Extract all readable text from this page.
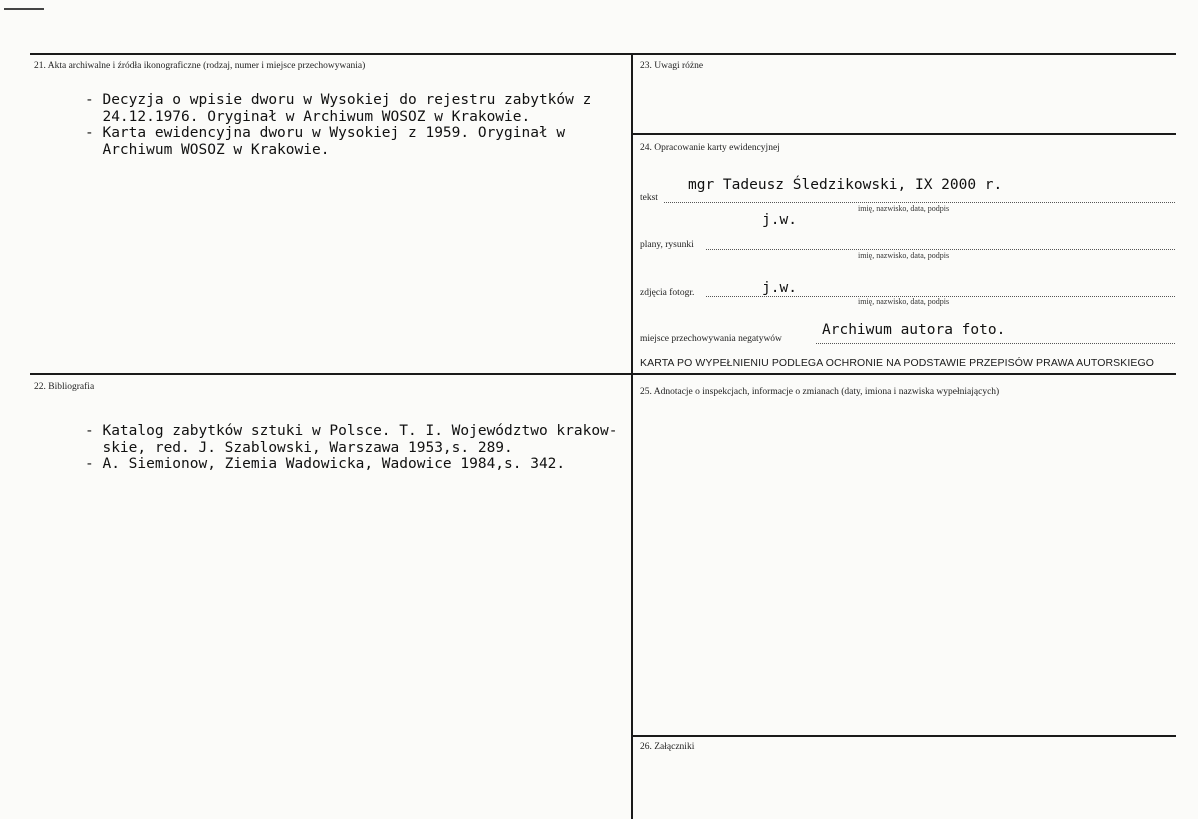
21. Akta archiwalne i źródła ikonograficzne (rodzaj, numer i miejsce przechowywania)
- Decyzja o wpisie dworu w Wysokiej do rejestru zabytków z
24.12.1976. Oryginał w Archiwum WOSOZ w Krakowie.
- Karta ewidencyjna dworu w Wysokiej z 1959. Oryginał w
Archiwum WOSOZ w Krakowie.
22. Bibliografia
- Katalog zabytków sztuki w Polsce. T. I. Województwo krakow-
skie, red. J. Szablowski, Warszawa 1953,s. 289.
- A. Siemionow, Ziemia Wadowicka, Wadowice 1984,s. 342.
23. Uwagi różne
24. Opracowanie karty ewidencyjnej
tekst
mgr Tadeusz Śledzikowski, IX 2000 r.
imię, nazwisko, data, podpis
plany, rysunki
j.w.
imię, nazwisko, data, podpis
zdjęcia fotogr.	j.w.
imię, nazwisko, data, podpis
miejsce przechowywania negatywów
Archiwum autora foto.
KARTA PO WYPEŁNIENIU PODLEGA OCHRONIE NA PODSTAWIE PRZEPISÓW PRAWA AUTORSKIEGO
25. Adnotacje o inspekcjach, informacje o zmianach (daty, imiona i nazwiska wypełniających)
26. Załączniki
